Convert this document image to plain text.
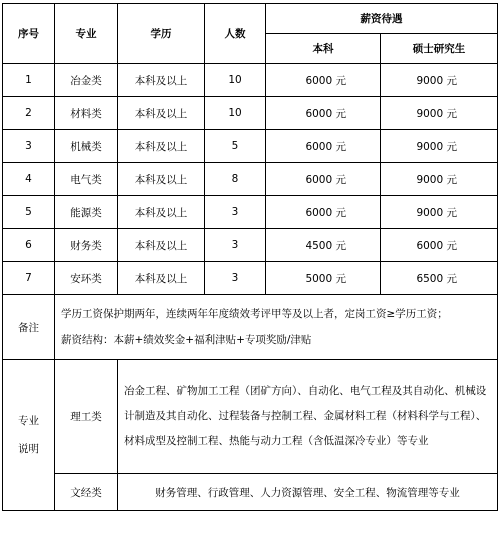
序号	专业	学历	人数	薪资待遇	
				本科	硕士研究生
1	冶金类	本科及以上	10	6000 元	9000 元
2	材料类	本科及以上	10	6000 元	9000 元
3	机械类	本科及以上	5	6000 元	9000 元
4	电气类	本科及以上	8	6000 元	9000 元
5	能源类	本科及以上	3	6000 元	9000 元
6	财务类	本科及以上	3	4500 元	6000 元
7	安环类	本科及以上	3	5000 元	6500 元
备注	学历工资保护期两年，连续两年年度绩效考评甲等及以上者，定岗工资≥学历工资；
薪资结构：本薪+绩效奖金+福利津贴+专项奖励/津贴				

专业
说明	理工类	冶金工程、矿物加工工程（团矿方向）、自动化、电气工程及其自动化、机械设计制造及其自动化、过程装备与控制工程、金属材料工程（材料科学与工程）、材料成型及控制工程、热能与动力工程（含低温深冷专业）等专业			
	文经类	财务管理、行政管理、人力资源管理、安全工程、物流管理等专业			
